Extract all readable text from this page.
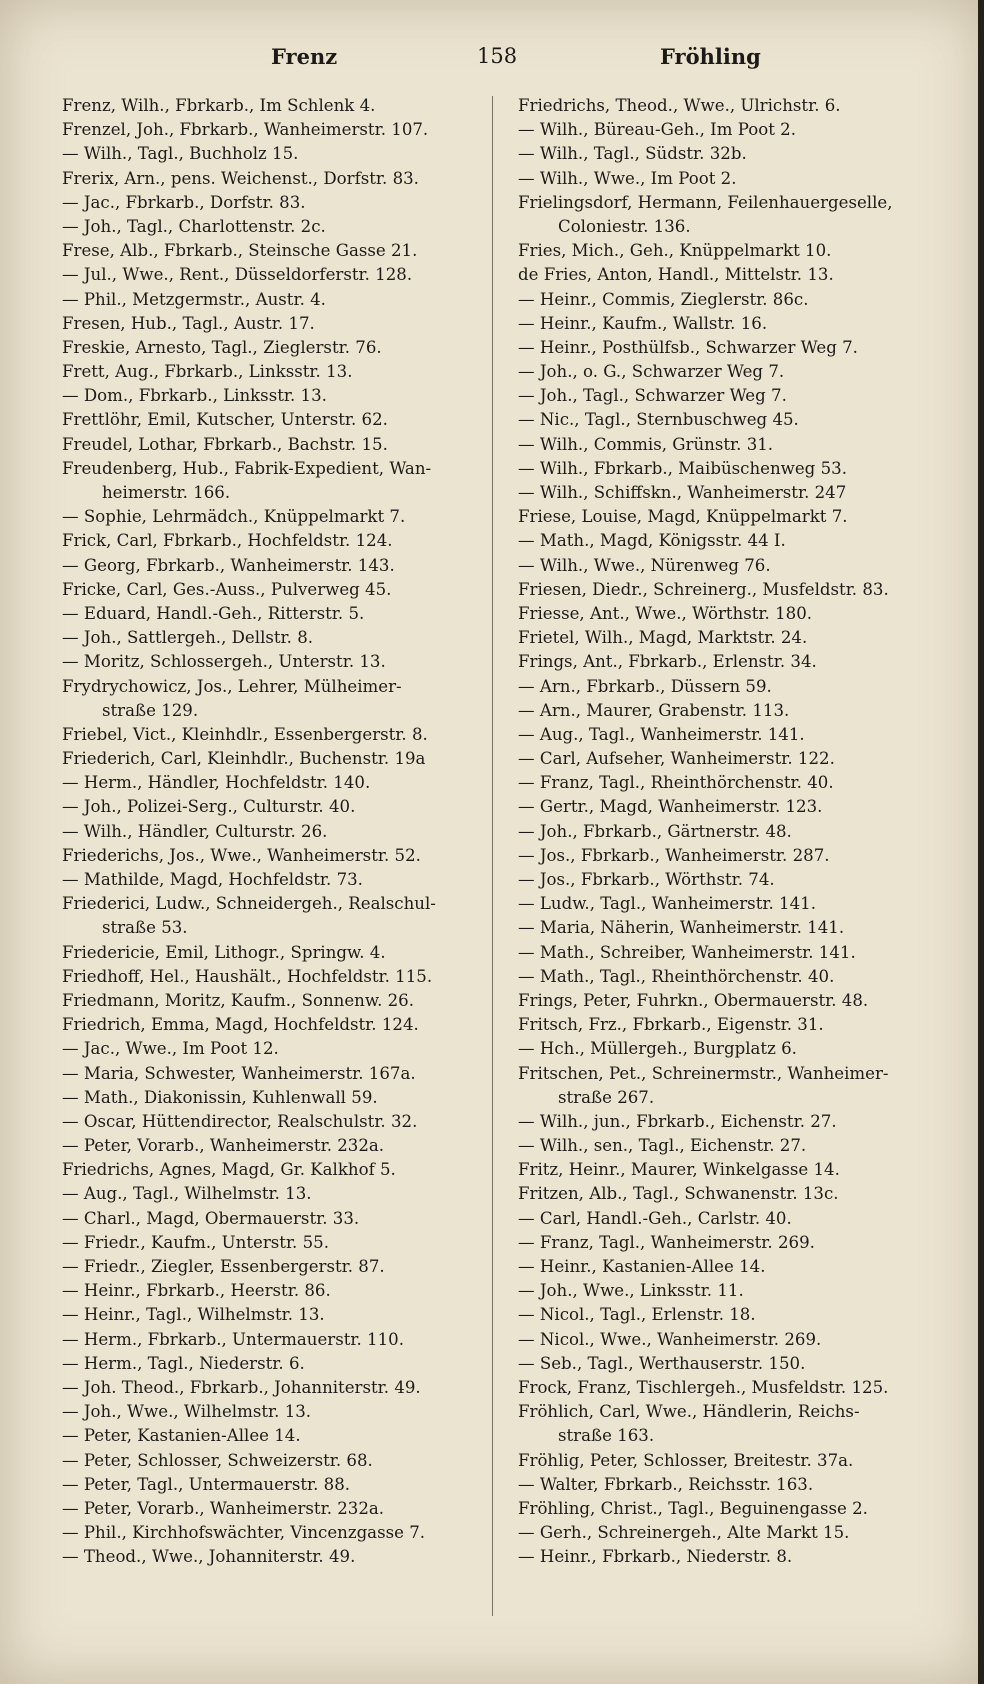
Frenz	158	Fröhling
Frenz, Wilh., Fbrkarb., Im Schlenk 4.
Frenzel, Joh., Fbrkarb., Wanheimerstr. 107.
— Wilh., Tagl., Buchholz 15.
Frerix, Arn., pens. Weichenst., Dorfstr. 83.
— Jac., Fbrkarb., Dorfstr. 83.
— Joh., Tagl., Charlottenstr. 2c.
Frese, Alb., Fbrkarb., Steinsche Gasse 21.
— Jul., Wwe., Rent., Düsseldorferstr. 128.
— Phil., Metzgermstr., Austr. 4.
Fresen, Hub., Tagl., Austr. 17.
Freskie, Arnesto, Tagl., Zieglerstr. 76.
Frett, Aug., Fbrkarb., Linksstr. 13.
— Dom., Fbrkarb., Linksstr. 13.
Frettlöhr, Emil, Kutscher, Unterstr. 62.
Freudel, Lothar, Fbrkarb., Bachstr. 15.
Freudenberg, Hub., Fabrik-Expedient, Wan-
heimerstr. 166.
— Sophie, Lehrmädch., Knüppelmarkt 7.
Frick, Carl, Fbrkarb., Hochfeldstr. 124.
— Georg, Fbrkarb., Wanheimerstr. 143.
Fricke, Carl, Ges.-Auss., Pulverweg 45.
— Eduard, Handl.-Geh., Ritterstr. 5.
— Joh., Sattlergeh., Dellstr. 8.
— Moritz, Schlossergeh., Unterstr. 13.
Frydrychowicz, Jos., Lehrer, Mülheimer-
straße 129.
Friebel, Vict., Kleinhdlr., Essenbergerstr. 8.
Friederich, Carl, Kleinhdlr., Buchenstr. 19a
— Herm., Händler, Hochfeldstr. 140.
— Joh., Polizei-Serg., Culturstr. 40.
— Wilh., Händler, Culturstr. 26.
Friederichs, Jos., Wwe., Wanheimerstr. 52.
— Mathilde, Magd, Hochfeldstr. 73.
Friederici, Ludw., Schneidergeh., Realschul-
straße 53.
Friedericie, Emil, Lithogr., Springw. 4.
Friedhoff, Hel., Haushält., Hochfeldstr. 115.
Friedmann, Moritz, Kaufm., Sonnenw. 26.
Friedrich, Emma, Magd, Hochfeldstr. 124.
— Jac., Wwe., Im Poot 12.
— Maria, Schwester, Wanheimerstr. 167a.
— Math., Diakonissin, Kuhlenwall 59.
— Oscar, Hüttendirector, Realschulstr. 32.
— Peter, Vorarb., Wanheimerstr. 232a.
Friedrichs, Agnes, Magd, Gr. Kalkhof 5.
— Aug., Tagl., Wilhelmstr. 13.
— Charl., Magd, Obermauerstr. 33.
— Friedr., Kaufm., Unterstr. 55.
— Friedr., Ziegler, Essenbergerstr. 87.
— Heinr., Fbrkarb., Heerstr. 86.
— Heinr., Tagl., Wilhelmstr. 13.
— Herm., Fbrkarb., Untermauerstr. 110.
— Herm., Tagl., Niederstr. 6.
— Joh. Theod., Fbrkarb., Johanniterstr. 49.
— Joh., Wwe., Wilhelmstr. 13.
— Peter, Kastanien-Allee 14.
— Peter, Schlosser, Schweizerstr. 68.
— Peter, Tagl., Untermauerstr. 88.
— Peter, Vorarb., Wanheimerstr. 232a.
— Phil., Kirchhofswächter, Vincenzgasse 7.
— Theod., Wwe., Johanniterstr. 49.
Friedrichs, Theod., Wwe., Ulrichstr. 6.
— Wilh., Büreau-Geh., Im Poot 2.
— Wilh., Tagl., Südstr. 32b.
— Wilh., Wwe., Im Poot 2.
Frielingsdorf, Hermann, Feilenhauergeselle,
Coloniestr. 136.
Fries, Mich., Geh., Knüppelmarkt 10.
de Fries, Anton, Handl., Mittelstr. 13.
— Heinr., Commis, Zieglerstr. 86c.
— Heinr., Kaufm., Wallstr. 16.
— Heinr., Posthülfsb., Schwarzer Weg 7.
— Joh., o. G., Schwarzer Weg 7.
— Joh., Tagl., Schwarzer Weg 7.
— Nic., Tagl., Sternbuschweg 45.
— Wilh., Commis, Grünstr. 31.
— Wilh., Fbrkarb., Maibüschenweg 53.
— Wilh., Schiffskn., Wanheimerstr. 247
Friese, Louise, Magd, Knüppelmarkt 7.
— Math., Magd, Königsstr. 44 I.
— Wilh., Wwe., Nürenweg 76.
Friesen, Diedr., Schreinerg., Musfeldstr. 83.
Friesse, Ant., Wwe., Wörthstr. 180.
Frietel, Wilh., Magd, Marktstr. 24.
Frings, Ant., Fbrkarb., Erlenstr. 34.
— Arn., Fbrkarb., Düssern 59.
— Arn., Maurer, Grabenstr. 113.
— Aug., Tagl., Wanheimerstr. 141.
— Carl, Aufseher, Wanheimerstr. 122.
— Franz, Tagl., Rheinthörchenstr. 40.
— Gertr., Magd, Wanheimerstr. 123.
— Joh., Fbrkarb., Gärtnerstr. 48.
— Jos., Fbrkarb., Wanheimerstr. 287.
— Jos., Fbrkarb., Wörthstr. 74.
— Ludw., Tagl., Wanheimerstr. 141.
— Maria, Näherin, Wanheimerstr. 141.
— Math., Schreiber, Wanheimerstr. 141.
— Math., Tagl., Rheinthörchenstr. 40.
Frings, Peter, Fuhrkn., Obermauerstr. 48.
Fritsch, Frz., Fbrkarb., Eigenstr. 31.
— Hch., Müllergeh., Burgplatz 6.
Fritschen, Pet., Schreinermstr., Wanheimer-
straße 267.
— Wilh., jun., Fbrkarb., Eichenstr. 27.
— Wilh., sen., Tagl., Eichenstr. 27.
Fritz, Heinr., Maurer, Winkelgasse 14.
Fritzen, Alb., Tagl., Schwanenstr. 13c.
— Carl, Handl.-Geh., Carlstr. 40.
— Franz, Tagl., Wanheimerstr. 269.
— Heinr., Kastanien-Allee 14.
— Joh., Wwe., Linksstr. 11.
— Nicol., Tagl., Erlenstr. 18.
— Nicol., Wwe., Wanheimerstr. 269.
— Seb., Tagl., Werthauserstr. 150.
Frock, Franz, Tischlergeh., Musfeldstr. 125.
Fröhlich, Carl, Wwe., Händlerin, Reichs-
straße 163.
Fröhlig, Peter, Schlosser, Breitestr. 37a.
— Walter, Fbrkarb., Reichsstr. 163.
Fröhling, Christ., Tagl., Beguinengasse 2.
— Gerh., Schreinergeh., Alte Markt 15.
— Heinr., Fbrkarb., Niederstr. 8.
